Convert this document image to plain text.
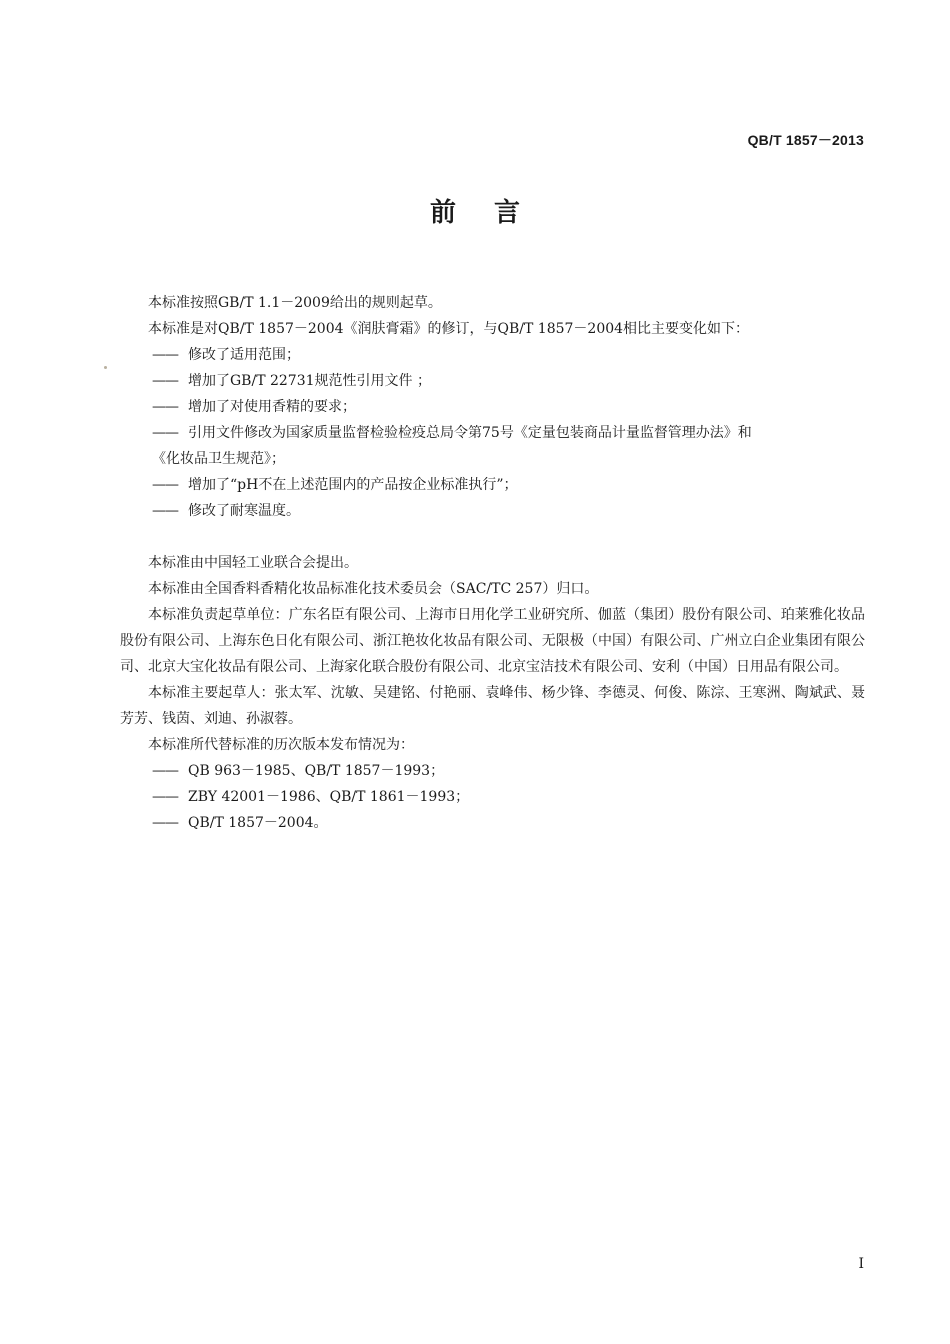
QB/T 1857－2013
前言

本标准按照GB/T 1.1－2009给出的规则起草。

本标准是对QB/T 1857－2004《润肤膏霜》的修订，与QB/T 1857－2004相比主要变化如下：

—— 修改了适用范围；

—— 增加了GB/T 22731规范性引用文件 ；

—— 增加了对使用香精的要求；

—— 引用文件修改为国家质量监督检验检疫总局令第75号《定量包装商品计量监督管理办法》和

《化妆品卫生规范》；

—— 增加了“pH不在上述范围内的产品按企业标准执行”；

—— 修改了耐寒温度。

本标准由中国轻工业联合会提出。

本标准由全国香料香精化妆品标准化技术委员会（SAC/TC 257）归口。

本标准负责起草单位：广东名臣有限公司、上海市日用化学工业研究所、伽蓝（集团）股份有限公司、珀莱雅化妆品股份有限公司、上海东色日化有限公司、浙江艳妆化妆品有限公司、无限极（中国）有限公司、广州立白企业集团有限公司、北京大宝化妆品有限公司、上海家化联合股份有限公司、北京宝洁技术有限公司、安利（中国）日用品有限公司。

本标准主要起草人：张太军、沈敏、吴建铭、付艳丽、袁峰伟、杨少锋、李德灵、何俊、陈淙、王寒洲、陶斌武、聂芳芳、钱茵、刘迪、孙淑蓉。

本标准所代替标准的历次版本发布情况为：

—— QB 963－1985、QB/T 1857－1993；

—— ZBY 42001－1986、QB/T 1861－1993；

—— QB/T 1857－2004。

I
